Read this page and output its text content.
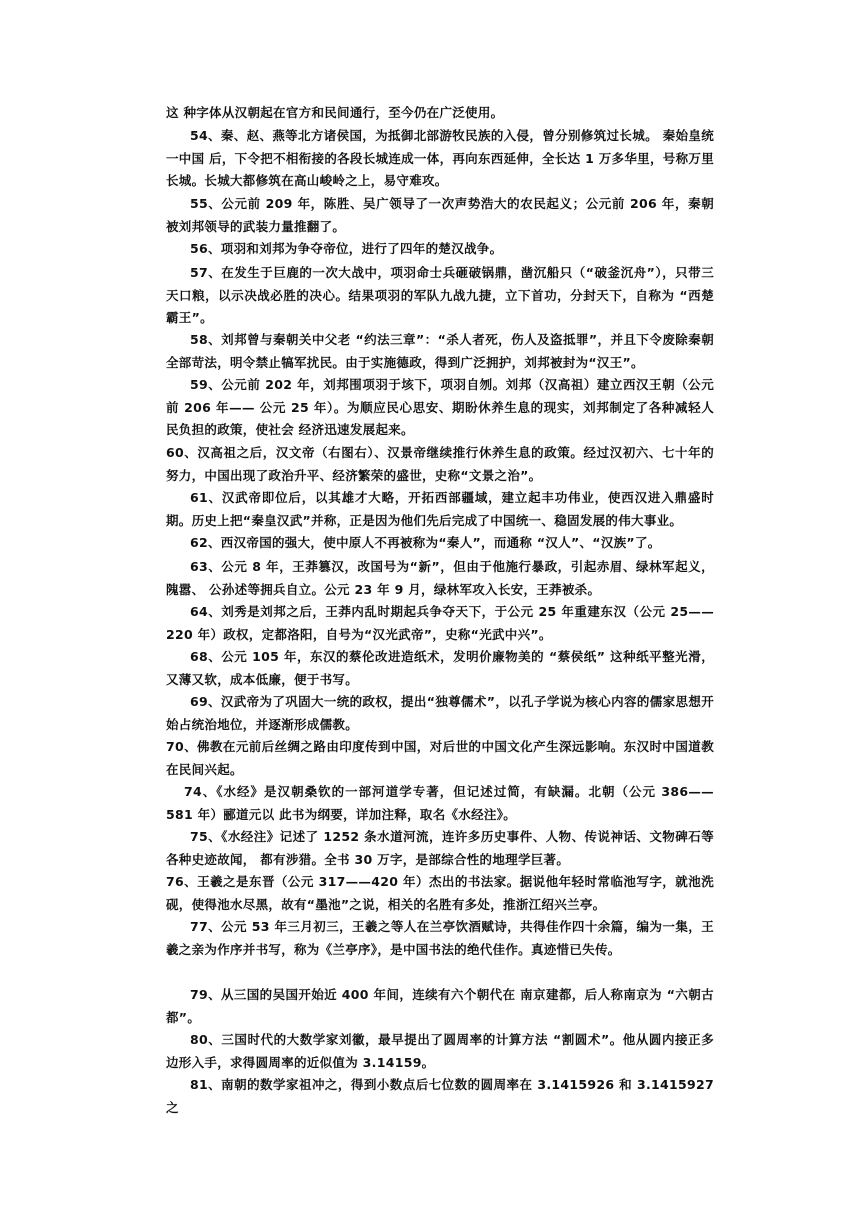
这 种字体从汉朝起在官方和民间通行，至今仍在广泛使用。

54、秦、赵、燕等北方诸侯国，为抵御北部游牧民族的入侵，曾分别修筑过长城。 秦始皇统一中国 后，下令把不相衔接的各段长城连成一体，再向东西延伸，全长达 1 万多华里，号称万里长城。长城大都修筑在高山峻岭之上，易守难攻。

55、公元前 209 年，陈胜、吴广领导了一次声势浩大的农民起义；公元前 206 年，秦朝被刘邦领导的武装力量推翻了。

56、项羽和刘邦为争夺帝位，进行了四年的楚汉战争。

57、在发生于巨鹿的一次大战中，项羽命士兵砸破锅鼎，凿沉船只（“破釜沉舟”），只带三天口粮，以示决战必胜的决心。结果项羽的军队九战九捷，立下首功，分封天下，自称为 “西楚霸王”。

58、刘邦曾与秦朝关中父老 “约法三章”：“杀人者死，伤人及盗抵罪”，并且下令废除秦朝全部苛法，明令禁止犒军扰民。由于实施德政，得到广泛拥护，刘邦被封为“汉王”。

59、公元前 202 年，刘邦围项羽于垓下，项羽自刎。刘邦（汉高祖）建立西汉王朝（公元前 206 年—— 公元 25 年）。为顺应民心思安、期盼休养生息的现实，刘邦制定了各种减轻人民负担的政策，使社会 经济迅速发展起来。

60、汉高祖之后，汉文帝（右图右）、汉景帝继续推行休养生息的政策。经过汉初六、七十年的努力，中国出现了政治升平、经济繁荣的盛世，史称“文景之治”。

61、汉武帝即位后，以其雄才大略，开拓西部疆域，建立起丰功伟业，使西汉进入鼎盛时期。历史上把“秦皇汉武”并称，正是因为他们先后完成了中国统一、稳固发展的伟大事业。

62、西汉帝国的强大，使中原人不再被称为“秦人”，而通称 “汉人”、“汉族”了。

63、公元 8 年，王莽篡汉，改国号为“新”，但由于他施行暴政，引起赤眉、绿林军起义，隗嚣、 公孙述等拥兵自立。公元 23 年 9 月，绿林军攻入长安，王莽被杀。

64、刘秀是刘邦之后，王莽内乱时期起兵争夺天下，于公元 25 年重建东汉（公元 25——220 年）政权，定都洛阳，自号为“汉光武帝”，史称“光武中兴”。

68、公元 105 年，东汉的蔡伦改进造纸术，发明价廉物美的 “蔡侯纸” 这种纸平整光滑，又薄又软，成本低廉，便于书写。

69、汉武帝为了巩固大一统的政权，提出“独尊儒术”，以孔子学说为核心内容的儒家思想开始占统治地位，并逐渐形成儒教。

70、佛教在元前后丝绸之路由印度传到中国，对后世的中国文化产生深远影响。东汉时中国道教在民间兴起。

74、《水经》是汉朝桑钦的一部河道学专著，但记述过简，有缺漏。北朝（公元 386——581 年）郦道元以 此书为纲要，详加注释，取名《水经注》。

75、《水经注》记述了 1252 条水道河流，连许多历史事件、人物、传说神话、文物碑石等各种史迹故闻， 都有涉猎。全书 30 万字，是部综合性的地理学巨著。

76、王羲之是东晋（公元 317——420 年）杰出的书法家。据说他年轻时常临池写字，就池洗砚，使得池水尽黑，故有“墨池”之说，相关的名胜有多处，推浙江绍兴兰亭。

77、公元 53 年三月初三，王羲之等人在兰亭饮酒赋诗，共得佳作四十余篇，编为一集，王羲之亲为作序并书写，称为《兰亭序》，是中国书法的绝代佳作。真迹惜已失传。

79、从三国的吴国开始近 400 年间，连续有六个朝代在 南京建都，后人称南京为 “六朝古都”。

80、三国时代的大数学家刘徽，最早提出了圆周率的计算方法 “割圆术”。他从圆内接正多边形入手，求得圆周率的近似值为 3.14159。

81、南朝的数学家祖冲之，得到小数点后七位数的圆周率在 3.1415926 和 3.1415927 之
